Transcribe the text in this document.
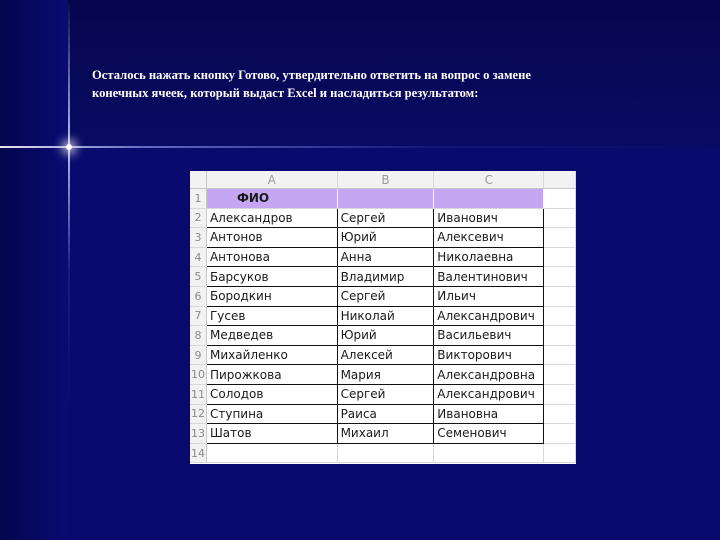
Осталось нажать кнопку Готово, утвердительно ответить на вопрос о замене
конечных ячеек, который выдаст Excel и насладиться результатом:
	A	B	C	
1	ФИО			
2	Александров	Сергей	Иванович	
3	Антонов	Юрий	Алексевич	
4	Антонова	Анна	Николаевна	
5	Барсуков	Владимир	Валентинович	
6	Бородкин	Сергей	Ильич	
7	Гусев	Николай	Александрович	
8	Медведев	Юрий	Васильевич	
9	Михайленко	Алексей	Викторович	
10	Пирожкова	Мария	Александровна	
11	Солодов	Сергей	Александрович	
12	Ступина	Раиса	Ивановна	
13	Шатов	Михаил	Семенович	
14				
